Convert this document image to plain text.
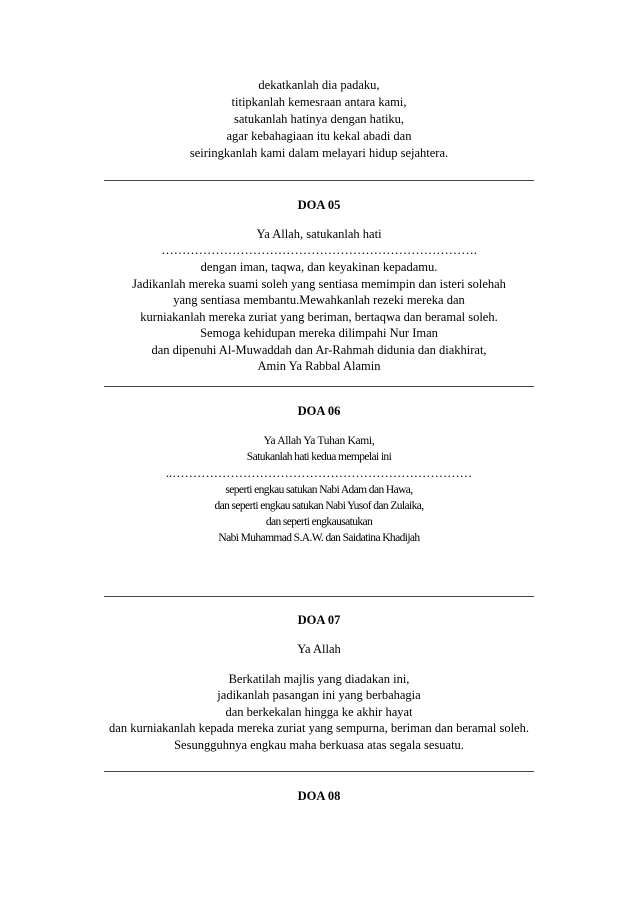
dekatkanlah dia padaku,
titipkanlah kemesraan antara kami,
satukanlah hatinya dengan hatiku,
agar kebahagiaan itu kekal abadi dan
seiringkanlah kami dalam melayari hidup sejahtera.
DOA 05
Ya Allah, satukanlah hati
………………………………………………………………….
dengan iman, taqwa, dan keyakinan kepadamu.
Jadikanlah mereka suami soleh yang sentiasa memimpin dan isteri solehah
yang sentiasa membantu.Mewahkanlah rezeki mereka dan
kurniakanlah mereka zuriat yang beriman, bertaqwa dan beramal soleh.
Semoga kehidupan mereka dilimpahi Nur Iman
dan dipenuhi Al-Muwaddah dan Ar-Rahmah didunia dan diakhirat,
Amin Ya Rabbal Alamin
DOA 06
Ya Allah Ya Tuhan Kami,
Satukanlah hati kedua mempelai ini
..………………………………………………………………
seperti engkau satukan Nabi Adam dan Hawa,
dan seperti engkau satukan Nabi Yusof dan Zulaika,
dan seperti engkausatukan
Nabi Muhammad S.A.W. dan Saidatina Khadijah
DOA 07
Ya Allah
Berkatilah majlis yang diadakan ini,
jadikanlah pasangan ini yang berbahagia
dan berkekalan hingga ke akhir hayat
dan kurniakanlah kepada mereka zuriat yang sempurna, beriman dan beramal soleh.
Sesungguhnya engkau maha berkuasa atas segala sesuatu.
DOA 08
